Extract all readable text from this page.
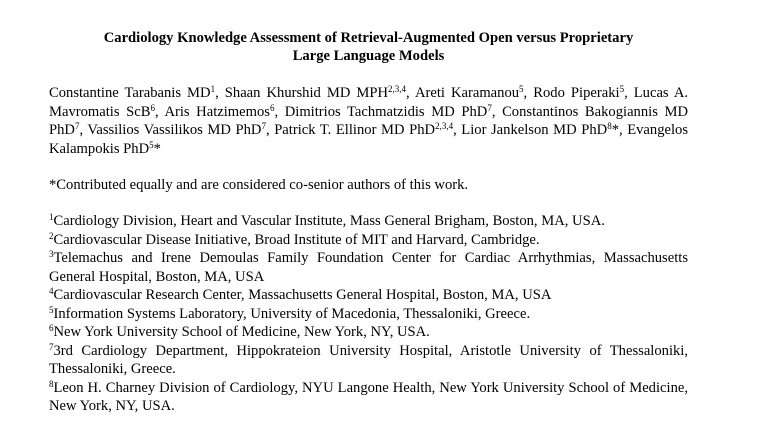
Cardiology Knowledge Assessment of Retrieval-Augmented Open versus Proprietary
Large Language Models

Constantine Tarabanis $MD^1$, Shaan Khurshid MD MPH$^{2,3,4}$, Areti Karamanou$^5$, Rodo Piperaki$^5$, Lucas A. Mavromatis ScB$^6$, Aris Hatzimemos$^6$, Dimitrios Tachmatzidis MD PhD$^7$, Constantinos Bakogiannis MD PhD$^7$, Vassilios Vassilikos MD PhD$^7$, Patrick T. Ellinor MD PhD$^{2,3,4}$, Lior Jankelson MD PhD$^8$*, Evangelos Kalampokis PhD$^5$*

*Contributed equally and are considered co-senior authors of this work.

$^1$Cardiology Division, Heart and Vascular Institute, Mass General Brigham, Boston, MA, USA.
$^2$Cardiovascular Disease Initiative, Broad Institute of MIT and Harvard, Cambridge.
$^3$Telemachus and Irene Demoulas Family Foundation Center for Cardiac Arrhythmias, Massachusetts General Hospital, Boston, MA, USA
$^4$Cardiovascular Research Center, Massachusetts General Hospital, Boston, MA, USA
$^5$Information Systems Laboratory, University of Macedonia, Thessaloniki, Greece.
$^6$New York University School of Medicine, New York, NY, USA.
$^7$3rd Cardiology Department, Hippokrateion University Hospital, Aristotle University of Thessaloniki, Thessaloniki, Greece.
$^8$Leon H. Charney Division of Cardiology, NYU Langone Health, New York University School of Medicine, New York, NY, USA.
